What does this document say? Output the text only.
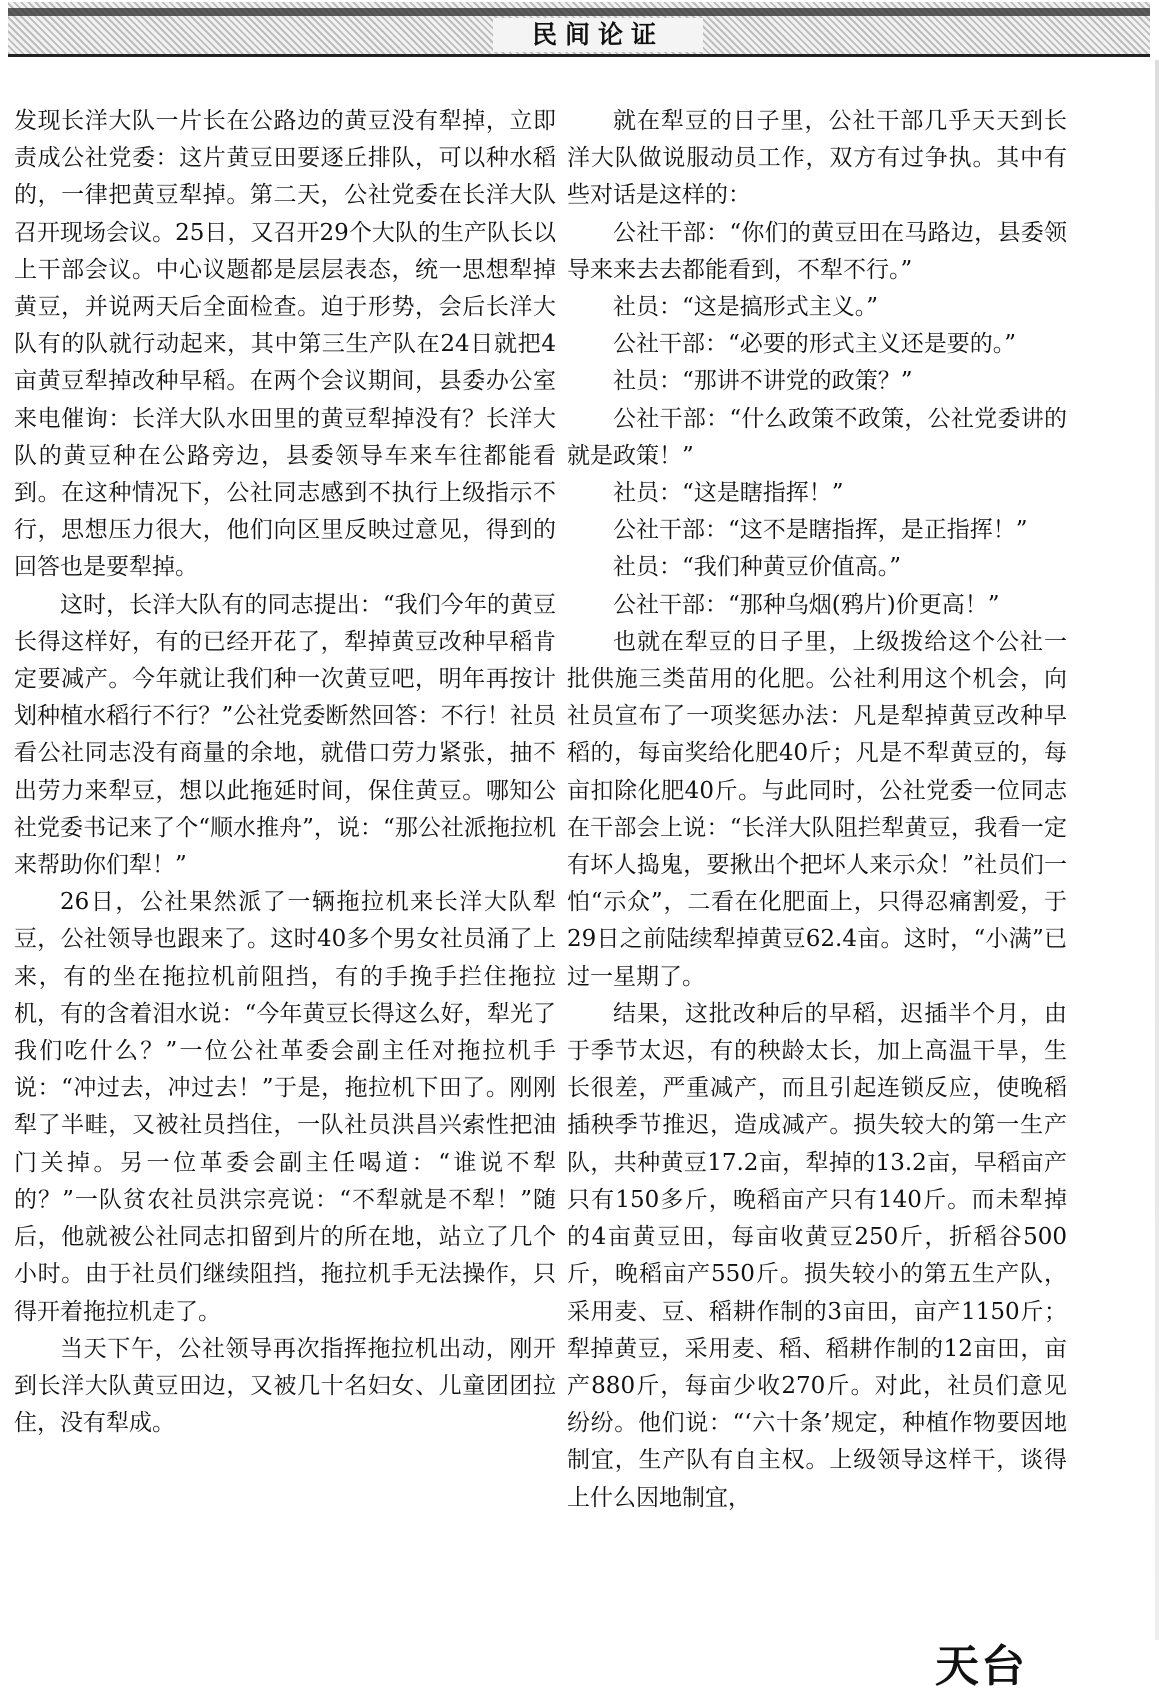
民间论证

发现长洋大队一片长在公路边的黄豆没有犁掉，立即责成公社党委：这片黄豆田要逐丘排队，可以种水稻的，一律把黄豆犁掉。第二天，公社党委在长洋大队召开现场会议。25日，又召开29个大队的生产队长以上干部会议。中心议题都是层层表态，统一思想犁掉黄豆，并说两天后全面检查。迫于形势，会后长洋大队有的队就行动起来，其中第三生产队在24日就把4亩黄豆犁掉改种早稻。在两个会议期间，县委办公室来电催询：长洋大队水田里的黄豆犁掉没有？长洋大队的黄豆种在公路旁边，县委领导车来车往都能看到。在这种情况下，公社同志感到不执行上级指示不行，思想压力很大，他们向区里反映过意见，得到的回答也是要犁掉。

这时，长洋大队有的同志提出：“我们今年的黄豆长得这样好，有的已经开花了，犁掉黄豆改种早稻肯定要减产。今年就让我们种一次黄豆吧，明年再按计划种植水稻行不行？”公社党委断然回答：不行！社员看公社同志没有商量的余地，就借口劳力紧张，抽不出劳力来犁豆，想以此拖延时间，保住黄豆。哪知公社党委书记来了个“顺水推舟”，说：“那公社派拖拉机来帮助你们犁！”

26日，公社果然派了一辆拖拉机来长洋大队犁豆，公社领导也跟来了。这时40多个男女社员涌了上来，有的坐在拖拉机前阻挡，有的手挽手拦住拖拉机，有的含着泪水说：“今年黄豆长得这么好，犁光了我们吃什么？”一位公社革委会副主任对拖拉机手说：“冲过去，冲过去！”于是，拖拉机下田了。刚刚犁了半畦，又被社员挡住，一队社员洪昌兴索性把油门关掉。另一位革委会副主任喝道：“谁说不犁的？”一队贫农社员洪宗亮说：“不犁就是不犁！”随后，他就被公社同志扣留到片的所在地，站立了几个小时。由于社员们继续阻挡，拖拉机手无法操作，只得开着拖拉机走了。

当天下午，公社领导再次指挥拖拉机出动，刚开到长洋大队黄豆田边，又被几十名妇女、儿童团团拉住，没有犁成。

就在犁豆的日子里，公社干部几乎天天到长洋大队做说服动员工作，双方有过争执。其中有些对话是这样的：

公社干部：“你们的黄豆田在马路边，县委领导来来去去都能看到，不犁不行。”

社员：“这是搞形式主义。”

公社干部：“必要的形式主义还是要的。”

社员：“那讲不讲党的政策？”

公社干部：“什么政策不政策，公社党委讲的就是政策！”

社员：“这是瞎指挥！”

公社干部：“这不是瞎指挥，是正指挥！”

社员：“我们种黄豆价值高。”

公社干部：“那种乌烟(鸦片)价更高！”

也就在犁豆的日子里，上级拨给这个公社一批供施三类苗用的化肥。公社利用这个机会，向社员宣布了一项奖惩办法：凡是犁掉黄豆改种早稻的，每亩奖给化肥40斤；凡是不犁黄豆的，每亩扣除化肥40斤。与此同时，公社党委一位同志在干部会上说：“长洋大队阻拦犁黄豆，我看一定有坏人捣鬼，要揪出个把坏人来示众！”社员们一怕“示众”，二看在化肥面上，只得忍痛割爱，于29日之前陆续犁掉黄豆62.4亩。这时，“小满”已过一星期了。

结果，这批改种后的早稻，迟插半个月，由于季节太迟，有的秧龄太长，加上高温干旱，生长很差，严重减产，而且引起连锁反应，使晚稻插秧季节推迟，造成减产。损失较大的第一生产队，共种黄豆17.2亩，犁掉的13.2亩，早稻亩产只有150多斤，晚稻亩产只有140斤。而未犁掉的4亩黄豆田，每亩收黄豆250斤，折稻谷500斤，晚稻亩产550斤。损失较小的第五生产队，采用麦、豆、稻耕作制的3亩田，亩产1150斤；犁掉黄豆，采用麦、稻、稻耕作制的12亩田，亩产880斤，每亩少收270斤。对此，社员们意见纷纷。他们说：“‘六十条’规定，种植作物要因地制宜，生产队有自主权。上级领导这样干，谈得上什么因地制宜，

天台
